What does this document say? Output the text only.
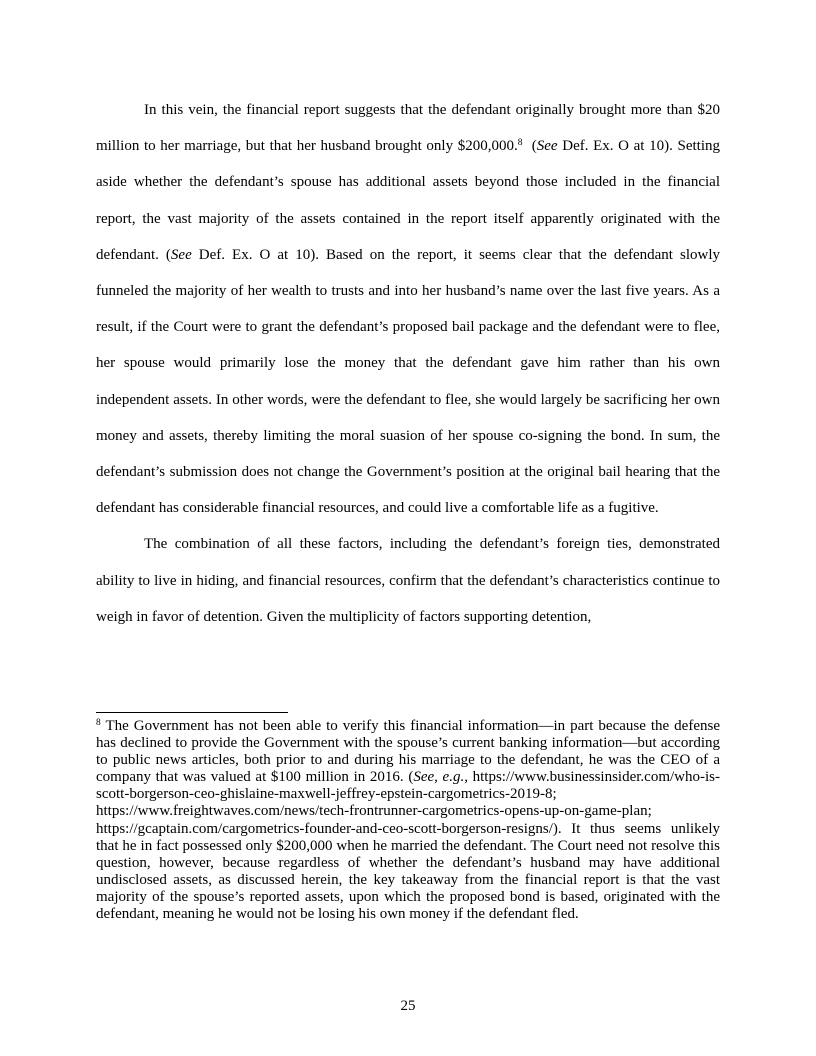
In this vein, the financial report suggests that the defendant originally brought more than $20 million to her marriage, but that her husband brought only $200,000.$^8$  (See Def. Ex. O at 10). Setting aside whether the defendant’s spouse has additional assets beyond those included in the financial report, the vast majority of the assets contained in the report itself apparently originated with the defendant. (See Def. Ex. O at 10). Based on the report, it seems clear that the defendant slowly funneled the majority of her wealth to trusts and into her husband’s name over the last five years. As a result, if the Court were to grant the defendant’s proposed bail package and the defendant were to flee, her spouse would primarily lose the money that the defendant gave him rather than his own independent assets. In other words, were the defendant to flee, she would largely be sacrificing her own money and assets, thereby limiting the moral suasion of her spouse co-signing the bond. In sum, the defendant’s submission does not change the Government’s position at the original bail hearing that the defendant has considerable financial resources, and could live a comfortable life as a fugitive.

The combination of all these factors, including the defendant’s foreign ties, demonstrated ability to live in hiding, and financial resources, confirm that the defendant’s characteristics continue to weigh in favor of detention. Given the multiplicity of factors supporting detention,

$^8$ The Government has not been able to verify this financial information—in part because the defense has declined to provide the Government with the spouse’s current banking information—but according to public news articles, both prior to and during his marriage to the defendant, he was the CEO of a company that was valued at $100 million in 2016. (See, e.g., https://www.businessinsider.com/who-is-scott-borgerson-ceo-ghislaine-maxwell-jeffrey-epstein-cargometrics-2019-8; https://www.freightwaves.com/news/tech-frontrunner-cargometrics-opens-up-on-game-plan; https://gcaptain.com/cargometrics-founder-and-ceo-scott-borgerson-resigns/). It thus seems unlikely that he in fact possessed only $200,000 when he married the defendant. The Court need not resolve this question, however, because regardless of whether the defendant’s husband may have additional undisclosed assets, as discussed herein, the key takeaway from the financial report is that the vast majority of the spouse’s reported assets, upon which the proposed bond is based, originated with the defendant, meaning he would not be losing his own money if the defendant fled.

25
